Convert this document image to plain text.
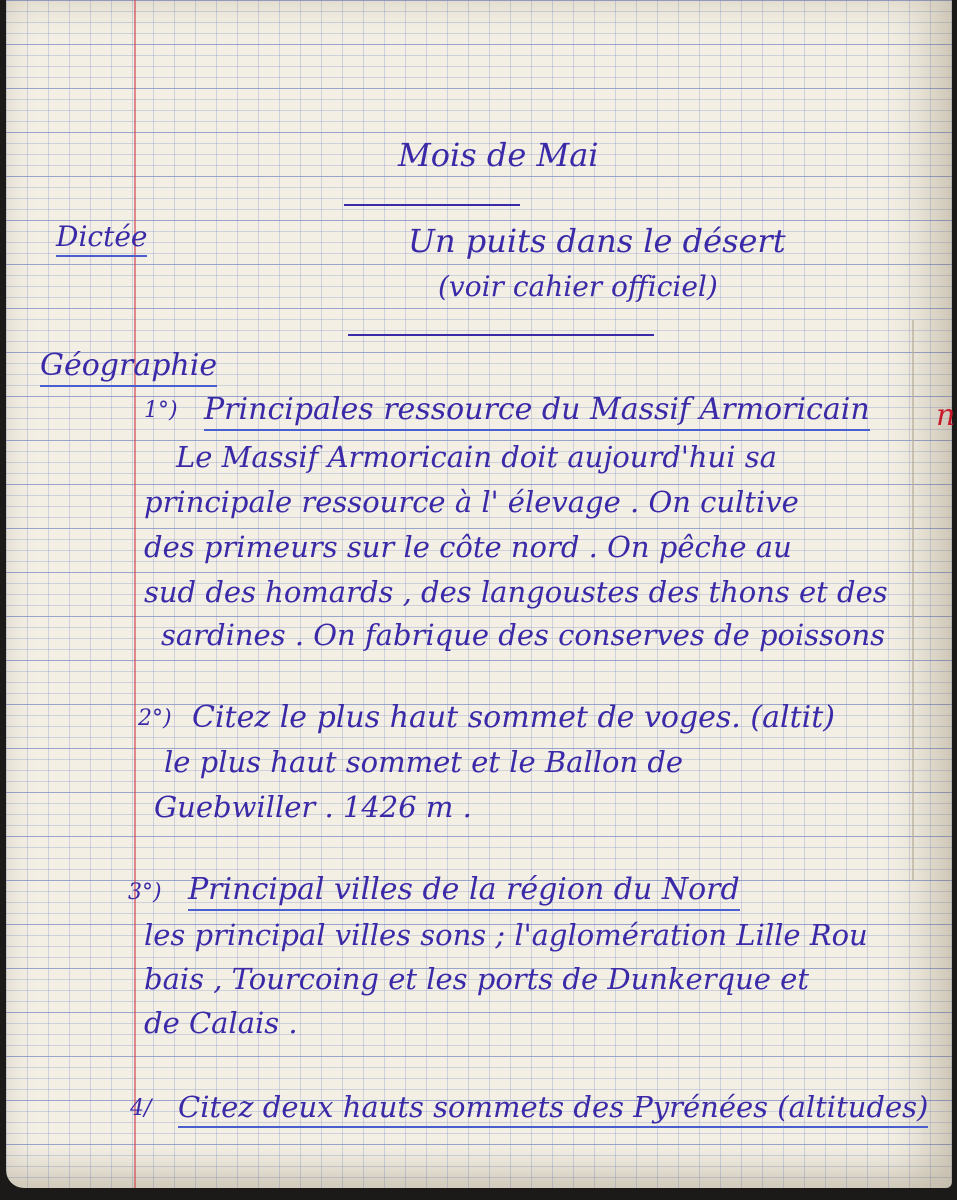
Mois de Mai
Dictée	Un puits dans le désert
(voir cahier officiel)
Géographie
1°) Principales ressource du Massif Armoricain n
Le Massif Armoricain doit aujourd'hui sa
principale ressource à l' élevage . On cultive
des primeurs sur le côte nord . On pêche au
sud des homards , des langoustes des thons et des
sardines . On fabrique des conserves de poissons
2°) Citez le plus haut sommet de voges. (altit)
le plus haut sommet et le Ballon de
Guebwiller . 1426 m .
3°) Principal villes de la région du Nord
les principal villes sons ; l'aglomération Lille Rou
bais , Tourcoing et les ports de Dunkerque et
de Calais .
4/ Citez deux hauts sommets des Pyrénées (altitudes)
